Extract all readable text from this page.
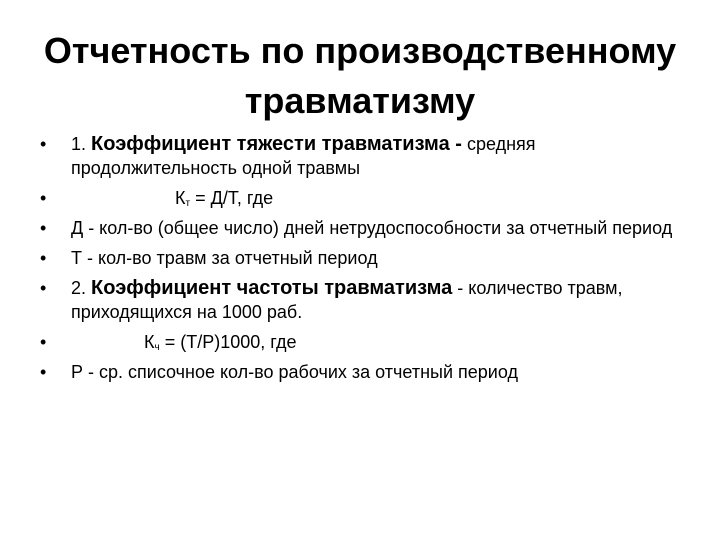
Отчетность по производственному травматизму
• 1. Коэффициент тяжести травматизма - средняя продолжительность одной травмы
•	$К_т = Д/Т$, где
• Д - кол-во (общее число) дней нетрудоспособности за отчетный период
• Т - кол-во травм за отчетный период
• 2. Коэффициент частоты травматизма - количество травм, приходящихся на 1000 раб.
•	$К_ч = (Т/Р)1000$, где
• Р - ср. списочное кол-во рабочих за отчетный период
